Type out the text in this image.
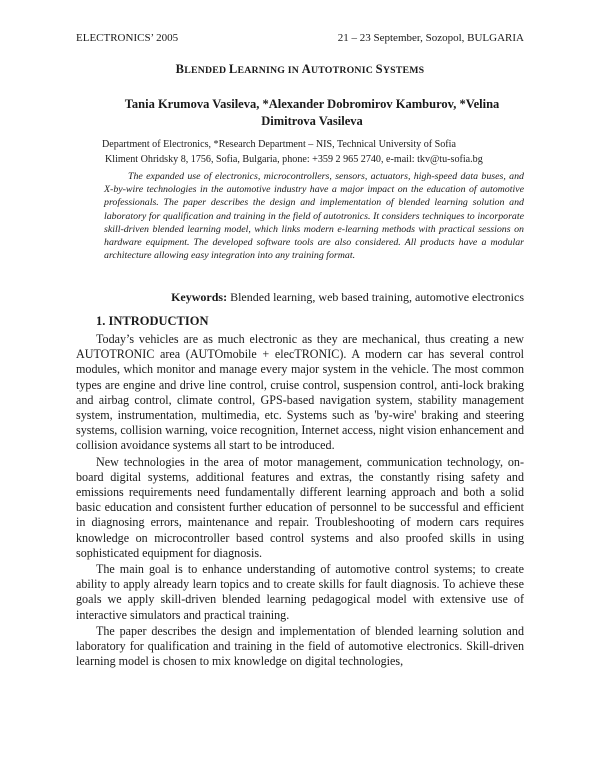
ELECTRONICS’ 2005	21 – 23 September, Sozopol, BULGARIA
BLENDED LEARNING IN AUTOTRONIC SYSTEMS
Tania Krumova Vasileva, *Alexander Dobromirov Kamburov, *Velina Dimitrova Vasileva
Department of Electronics, *Research Department – NIS, Technical University of Sofia
Kliment Ohridsky 8, 1756, Sofia, Bulgaria, phone: +359 2 965 2740, e-mail: tkv@tu-sofia.bg
The expanded use of electronics, microcontrollers, sensors, actuators, high-speed data buses, and X-by-wire technologies in the automotive industry have a major impact on the education of automotive professionals. The paper describes the design and implementation of blended learning solution and laboratory for qualification and training in the field of autotronics. It considers techniques to incorporate skill-driven blended learning model, which links modern e-learning methods with practical sessions on hardware equipment. The developed software tools are also considered. All products have a modular architecture allowing easy integration into any training format.
Keywords: Blended learning, web based training, automotive electronics
1. INTRODUCTION

Today’s vehicles are as much electronic as they are mechanical, thus creating a new AUTOTRONIC area (AUTOmobile + elecTRONIC). A modern car has several control modules, which monitor and manage every major system in the vehicle. The most common types are engine and drive line control, cruise control, suspension control, anti-lock braking and airbag control, climate control, GPS-based navigation system, stability management system, instrumentation, multimedia, etc. Systems such as 'by-wire' braking and steering systems, collision warning, voice recognition, Internet access, night vision enhancement and collision avoidance systems all start to be introduced.

New technologies in the area of motor management, communication technology, on-board digital systems, additional features and extras, the constantly rising safety and emissions requirements need fundamentally different learning approach and both a solid basic education and consistent further education of personnel to be successful and efficient in diagnosing errors, maintenance and repair. Troubleshooting of modern cars requires knowledge on microcontroller based control systems and also proofed skills in using sophisticated equipment for diagnosis.

The main goal is to enhance understanding of automotive control systems; to create ability to apply already learn topics and to create skills for fault diagnosis. To achieve these goals we apply skill-driven blended learning pedagogical model with extensive use of interactive simulators and practical training.

The paper describes the design and implementation of blended learning solution and laboratory for qualification and training in the field of automotive electronics. Skill-driven learning model is chosen to mix knowledge on digital technologies,
